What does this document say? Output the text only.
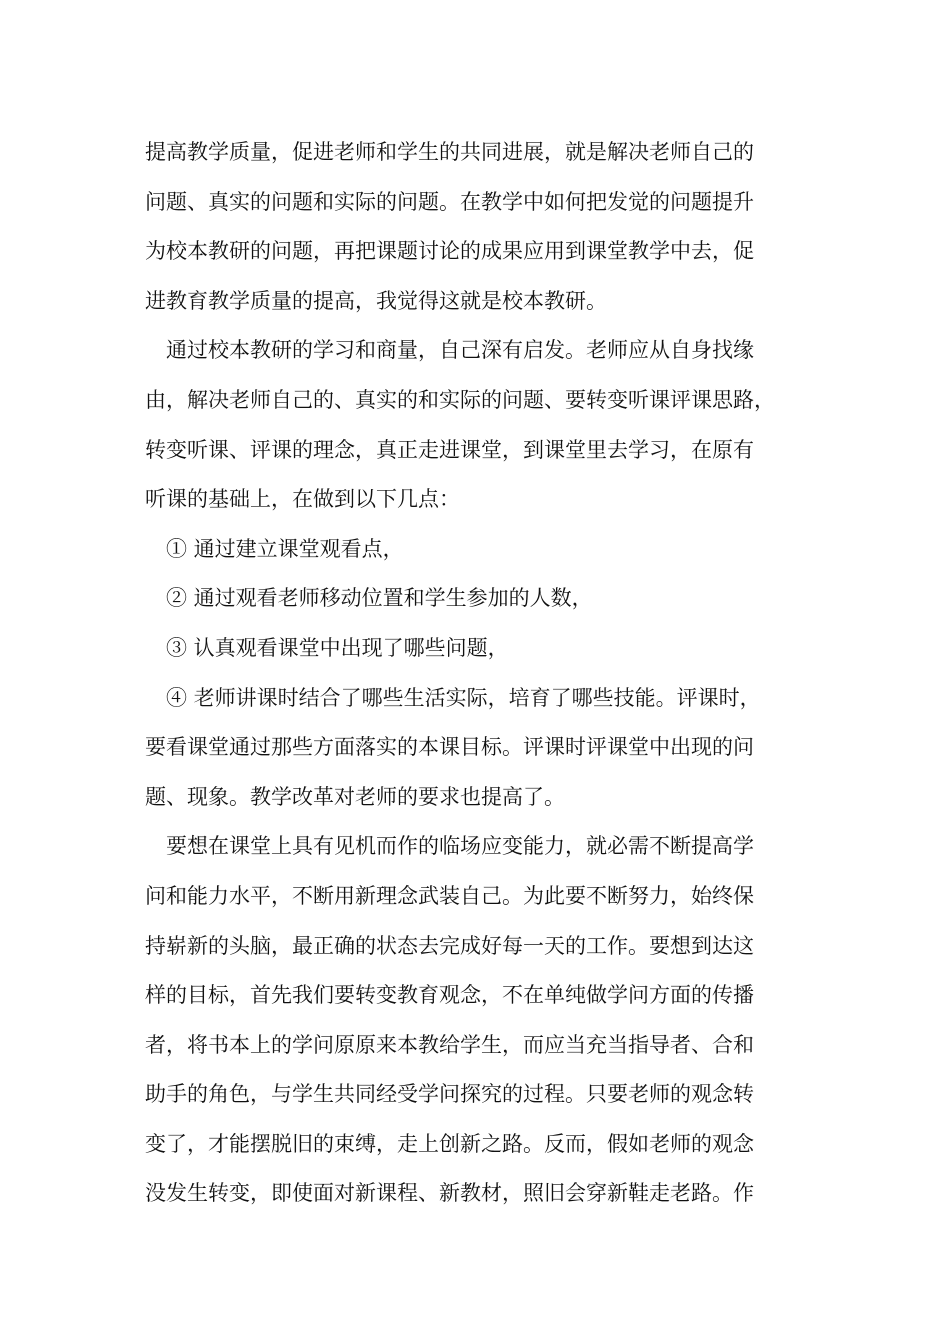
提高教学质量，促进老师和学生的共同进展，就是解决老师自己的
问题、真实的问题和实际的问题。在教学中如何把发觉的问题提升
为校本教研的问题，再把课题讨论的成果应用到课堂教学中去，促
进教育教学质量的提高，我觉得这就是校本教研。
通过校本教研的学习和商量，自己深有启发。老师应从自身找缘
由，解决老师自己的、真实的和实际的问题、要转变听课评课思路，
转变听课、评课的理念，真正走进课堂，到课堂里去学习，在原有
听课的基础上，在做到以下几点：
① 通过建立课堂观看点，
② 通过观看老师移动位置和学生参加的人数，
③ 认真观看课堂中出现了哪些问题，
④ 老师讲课时结合了哪些生活实际，培育了哪些技能。评课时，
要看课堂通过那些方面落实的本课目标。评课时评课堂中出现的问
题、现象。教学改革对老师的要求也提高了。
要想在课堂上具有见机而作的临场应变能力，就必需不断提高学
问和能力水平，不断用新理念武装自己。为此要不断努力，始终保
持崭新的头脑，最正确的状态去完成好每一天的工作。要想到达这
样的目标，首先我们要转变教育观念，不在单纯做学问方面的传播
者，将书本上的学问原原来本教给学生，而应当充当指导者、合和
助手的角色，与学生共同经受学问探究的过程。只要老师的观念转
变了，才能摆脱旧的束缚，走上创新之路。反而，假如老师的观念
没发生转变，即使面对新课程、新教材，照旧会穿新鞋走老路。作
